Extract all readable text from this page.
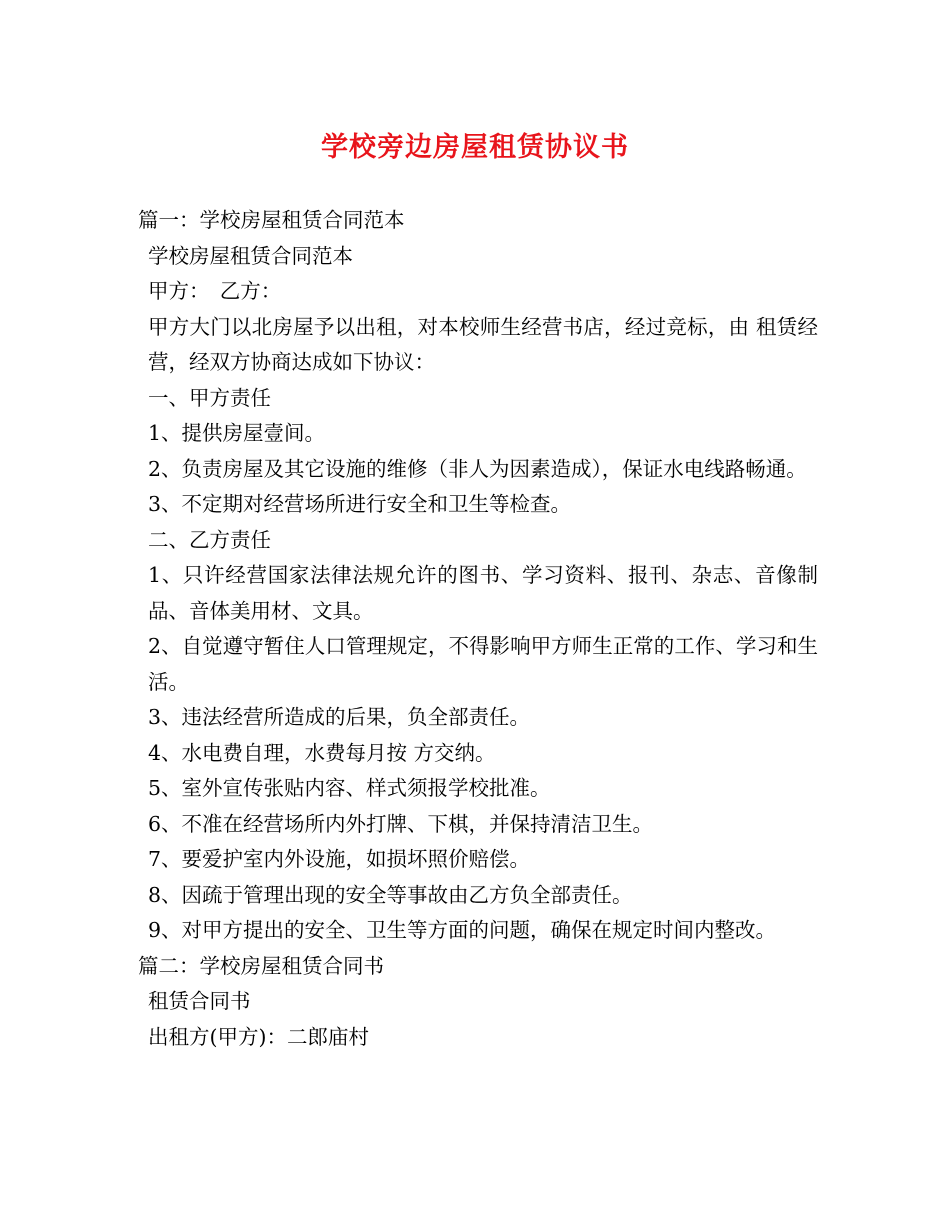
学校旁边房屋租赁协议书
篇一：学校房屋租赁合同范本
学校房屋租赁合同范本
甲方：　乙方：
甲方大门以北房屋予以出租，对本校师生经营书店，经过竞标，由 租赁经营，经双方协商达成如下协议：
一、甲方责任
1、提供房屋壹间。
2、负责房屋及其它设施的维修（非人为因素造成），保证水电线路畅通。
3、不定期对经营场所进行安全和卫生等检查。
二、乙方责任
1、只许经营国家法律法规允许的图书、学习资料、报刊、杂志、音像制品、音体美用材、文具。
2、自觉遵守暂住人口管理规定，不得影响甲方师生正常的工作、学习和生活。
3、违法经营所造成的后果，负全部责任。
4、水电费自理，水费每月按 方交纳。
5、室外宣传张贴内容、样式须报学校批准。
6、不准在经营场所内外打牌、下棋，并保持清洁卫生。
7、要爱护室内外设施，如损坏照价赔偿。
8、因疏于管理出现的安全等事故由乙方负全部责任。
9、对甲方提出的安全、卫生等方面的问题，确保在规定时间内整改。
篇二：学校房屋租赁合同书
租赁合同书
出租方(甲方)：二郎庙村
